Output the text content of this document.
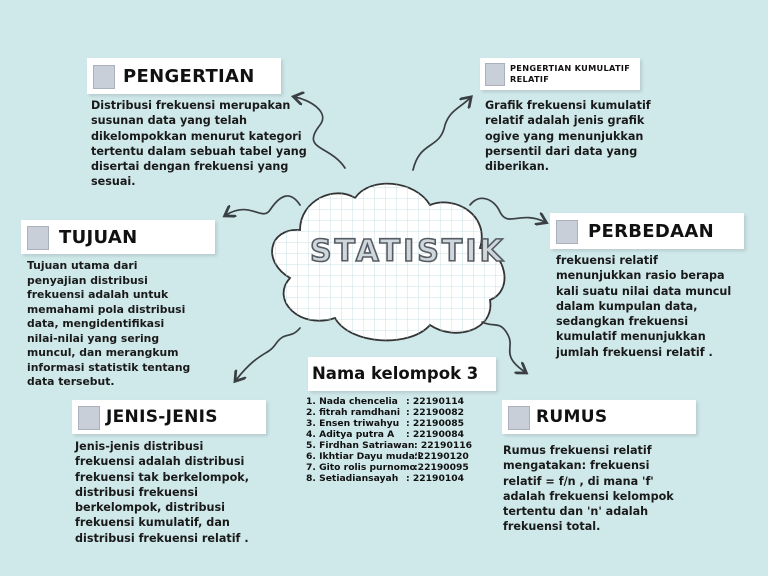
STATISTIK
PENGERTIAN
Distribusi frekuensi merupakan
susunan data yang telah
dikelompokkan menurut kategori
tertentu dalam sebuah tabel yang
disertai dengan frekuensi yang
sesuai.
PENGERTIAN KUMULATIF
RELATIF
Grafik frekuensi kumulatif
relatif adalah jenis grafik
ogive yang menunjukkan
persentil dari data yang
diberikan.
TUJUAN
Tujuan utama dari
penyajian distribusi
frekuensi adalah untuk
memahami pola distribusi
data, mengidentifikasi
nilai-nilai yang sering
muncul, dan merangkum
informasi statistik tentang
data tersebut.
PERBEDAAN
frekuensi relatif
menunjukkan rasio berapa
kali suatu nilai data muncul
dalam kumpulan data,
sedangkan frekuensi
kumulatif menunjukkan
jumlah frekuensi relatif .
JENIS-JENIS
Jenis-jenis distribusi
frekuensi adalah distribusi
frekuensi tak berkelompok,
distribusi frekuensi
berkelompok, distribusi
frekuensi kumulatif, dan
distribusi frekuensi relatif .
RUMUS
Rumus frekuensi relatif
mengatakan: frekuensi
relatif = f/n , di mana 'f'
adalah frekuensi kelompok
tertentu dan 'n' adalah
frekuensi total.
Nama kelompok 3
1. Nada chencelia : 22190114
2. fitrah ramdhani : 22190082
3. Ensen triwahyu : 22190085
4. Aditya putra A : 22190084
5. Firdhan Satriawan : 22190116
6. Ikhtiar Dayu muda'i
:22190120
7. Gito rolis purnomo
:22190095
8. Setiadiansayah : 22190104
